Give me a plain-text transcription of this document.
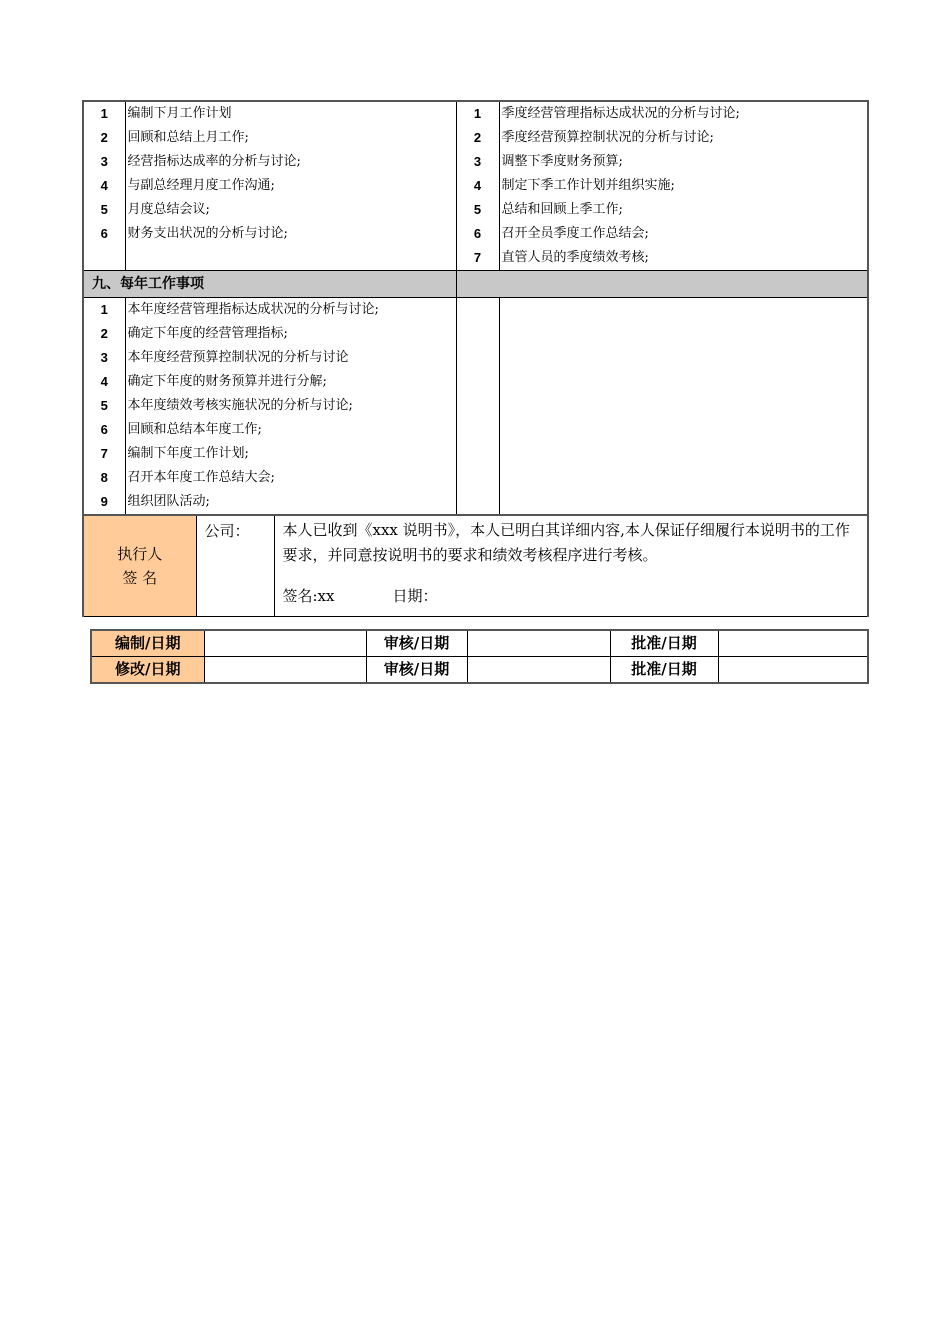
1	编制下月工作计划	1	季度经营管理指标达成状况的分析与讨论;
2	回顾和总结上月工作;	2	季度经营预算控制状况的分析与讨论;
3	经营指标达成率的分析与讨论;	3	调整下季度财务预算;
4	与副总经理月度工作沟通;	4	制定下季工作计划并组织实施;
5	月度总结会议;	5	总结和回顾上季工作;
6	财务支出状况的分析与讨论;	6	召开全员季度工作总结会;
		7	直管人员的季度绩效考核;
九、每年工作事项			
1	本年度经营管理指标达成状况的分析与讨论;		
2	确定下年度的经营管理指标;		
3	本年度经营预算控制状况的分析与讨论		
4	确定下年度的财务预算并进行分解;		
5	本年度绩效考核实施状况的分析与讨论;		
6	回顾和总结本年度工作;		
7	编制下年度工作计划;		
8	召开本年度工作总结大会;		
9	组织团队活动;		
执行人
签 名
	公司：	本人已收到《xxx 说明书》，本人已明白其详细内容,本人保证仔细履行本说明书的工作要求，并同意按说明书的要求和绩效考核程序进行考核。
签名:xx	日期：
编制/日期		审核/日期		批准/日期	
修改/日期		审核/日期		批准/日期	
